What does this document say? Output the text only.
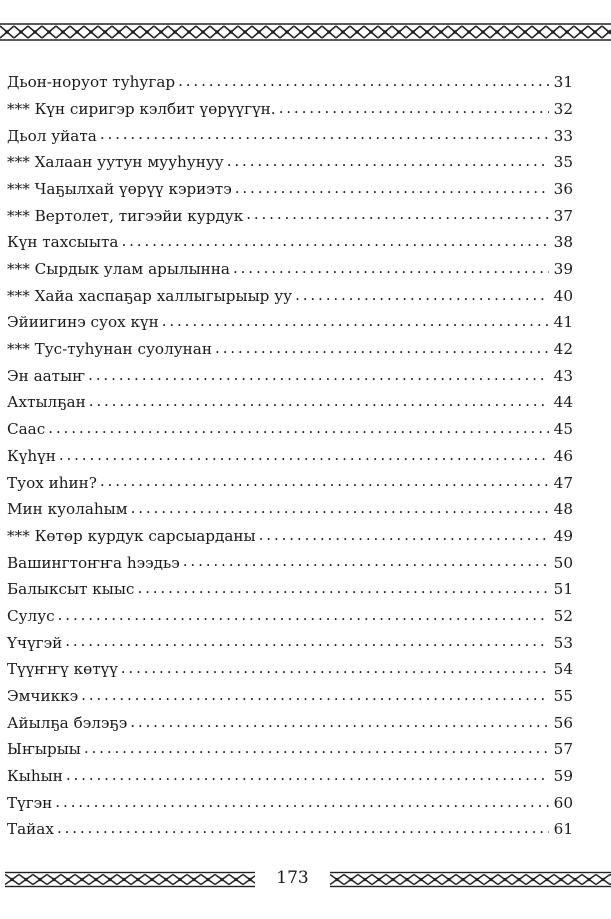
Дьон-норуот туһугар . . .	31
*** Күн сиригэр кэлбит үөрүүгүн. . . .	32
Дьол уйата . . .	33
*** Халаан уутун мууһунуу . . .	35
*** Чаҕылхай үөрүү кэриэтэ . . .	36
*** Вертолет, тигээйи курдук . . .	37
Күн тахсыыта . . .	38
*** Сырдык улам арылынна . . .	39
*** Хайа хаспаҕар халлыгырыыр уу . . .	40
Эйиигинэ суох күн . . .	41
*** Тус-туһунан суолунан . . .	42
Эн аатыҥ . . .	43
Ахтылҕан . . .	44
Саас . . .	45
Күһүн . . .	46
Туох иһин? . . .	47
Мин куолаһым . . .	48
*** Көтөр курдук сарсыарданы . . .	49
Вашингтоҥҥа һээдьэ . . .	50
Балыксыт кыыс . . .	51
Сулус . . .	52
Үчүгэй . . .	53
Түүҥҥү көтүү . . .	54
Эмчиккэ . . .	55
Айылҕа бэлэҕэ . . .	56
Ыҥырыы . . .	57
Кыһын . . .	59
Түгэн . . .	60
Тайах . . .	61
173
